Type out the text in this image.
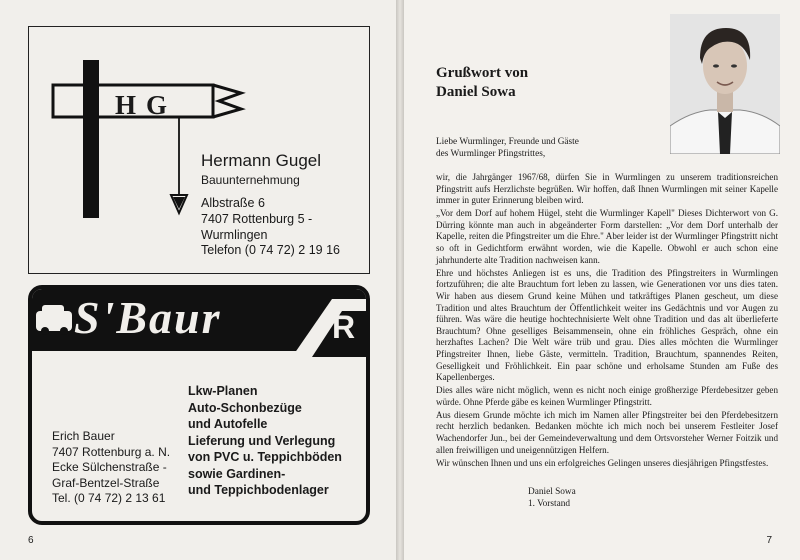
HG
Hermann Gugel
Bauunternehmung
Albstraße 6
7407 Rottenburg 5 -
Wurmlingen
Telefon (0 74 72) 2 19 16
S'Baur	R
Erich Bauer
7407 Rottenburg a. N.
Ecke Sülchenstraße -
Graf-Bentzel-Straße
Tel. (0 74 72) 2 13 61
Lkw-Planen
Auto-Schonbezüge
und Autofelle
Lieferung und Verlegung
von PVC u. Teppichböden
sowie Gardinen-
und Teppichbodenlager
6
Grußwort von
Daniel Sowa
Liebe Wurmlinger, Freunde und Gäste
des Wurmlinger Pfingstrittes,

wir, die Jahrgänger 1967/68, dürfen Sie in Wurmlingen zu unserem traditionsreichen Pfingstritt aufs Herzlichste begrüßen. Wir hoffen, daß Ihnen Wurmlingen mit seiner Kapelle immer in guter Erinnerung bleiben wird.

„Vor dem Dorf auf hohem Hügel, steht die Wurmlinger Kapell" Dieses Dichterwort von G. Dürring könnte man auch in abgeänderter Form darstellen: „Vor dem Dorf unterhalb der Kapelle, reiten die Pfingstreiter um die Ehre." Aber leider ist der Wurmlinger Pfingstritt nicht so oft in Gedichtform erwähnt worden, wie die Kapelle. Obwohl er auch schon eine jahrhunderte alte Tradition nachweisen kann.

Ehre und höchstes Anliegen ist es uns, die Tradition des Pfingstreiters in Wurmlingen fortzuführen; die alte Brauchtum fort leben zu lassen, wie Generationen vor uns dies taten. Wir haben aus diesem Grund keine Mühen und tatkräftiges Planen gescheut, um diese Tradition und altes Brauchtum der Öffentlichkeit weiter ins Gedächtnis und vor Augen zu führen. Was wäre die heutige hochtechnisierte Welt ohne Tradition und das alt überlieferte Brauchtum? Ohne geselliges Beisammensein, ohne ein fröhliches Gespräch, ohne ein herzhaftes Lachen? Die Welt wäre trüb und grau. Dies alles möchten die Wurmlinger Pfingstreiter Ihnen, liebe Gäste, vermitteln. Tradition, Brauchtum, spannendes Reiten, Geselligkeit und Fröhlichkeit. Ein paar schöne und erholsame Stunden am Fuße des Kapellenberges.

Dies alles wäre nicht möglich, wenn es nicht noch einige großherzige Pferdebesitzer geben würde. Ohne Pferde gäbe es keinen Wurmlinger Pfingstritt.

Aus diesem Grunde möchte ich mich im Namen aller Pfingstreiter bei den Pferdebesitzern recht herzlich bedanken. Bedanken möchte ich mich noch bei unserem Festleiter Josef Wachendorfer Jun., bei der Gemeindeverwaltung und dem Ortsvorsteher Werner Foitzik und allen freiwilligen und uneigennützigen Helfern.

Wir wünschen Ihnen und uns ein erfolgreiches Gelingen unseres diesjährigen Pfingstfestes.

Daniel Sowa
1. Vorstand
7
